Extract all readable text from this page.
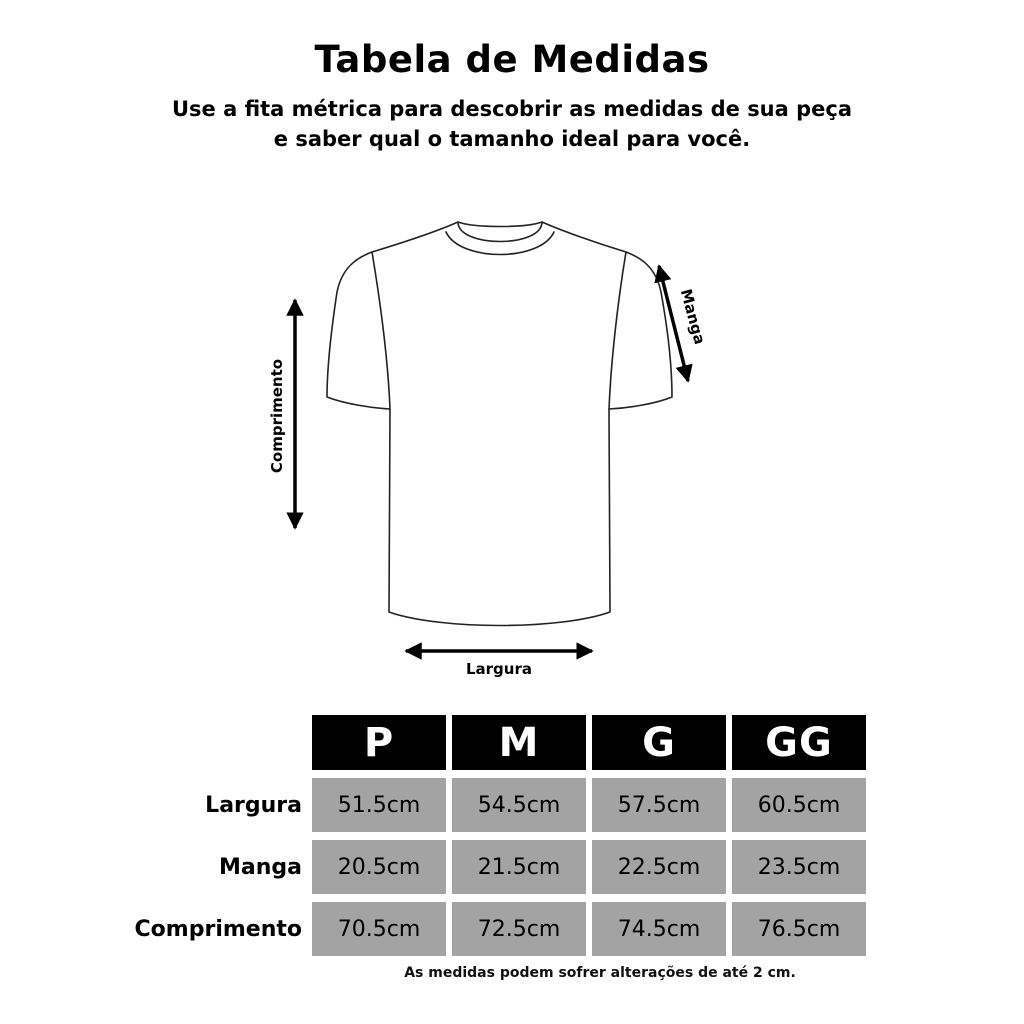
Tabela de Medidas

Use a fita métrica para descobrir as medidas de sua peça

e saber qual o tamanho ideal para você.

Comprimento
Manga
Largura
	P	M	G	GG
Largura	51.5cm	54.5cm	57.5cm	60.5cm
Manga	20.5cm	21.5cm	22.5cm	23.5cm
Comprimento	70.5cm	72.5cm	74.5cm	76.5cm

As medidas podem sofrer alterações de até 2 cm.
